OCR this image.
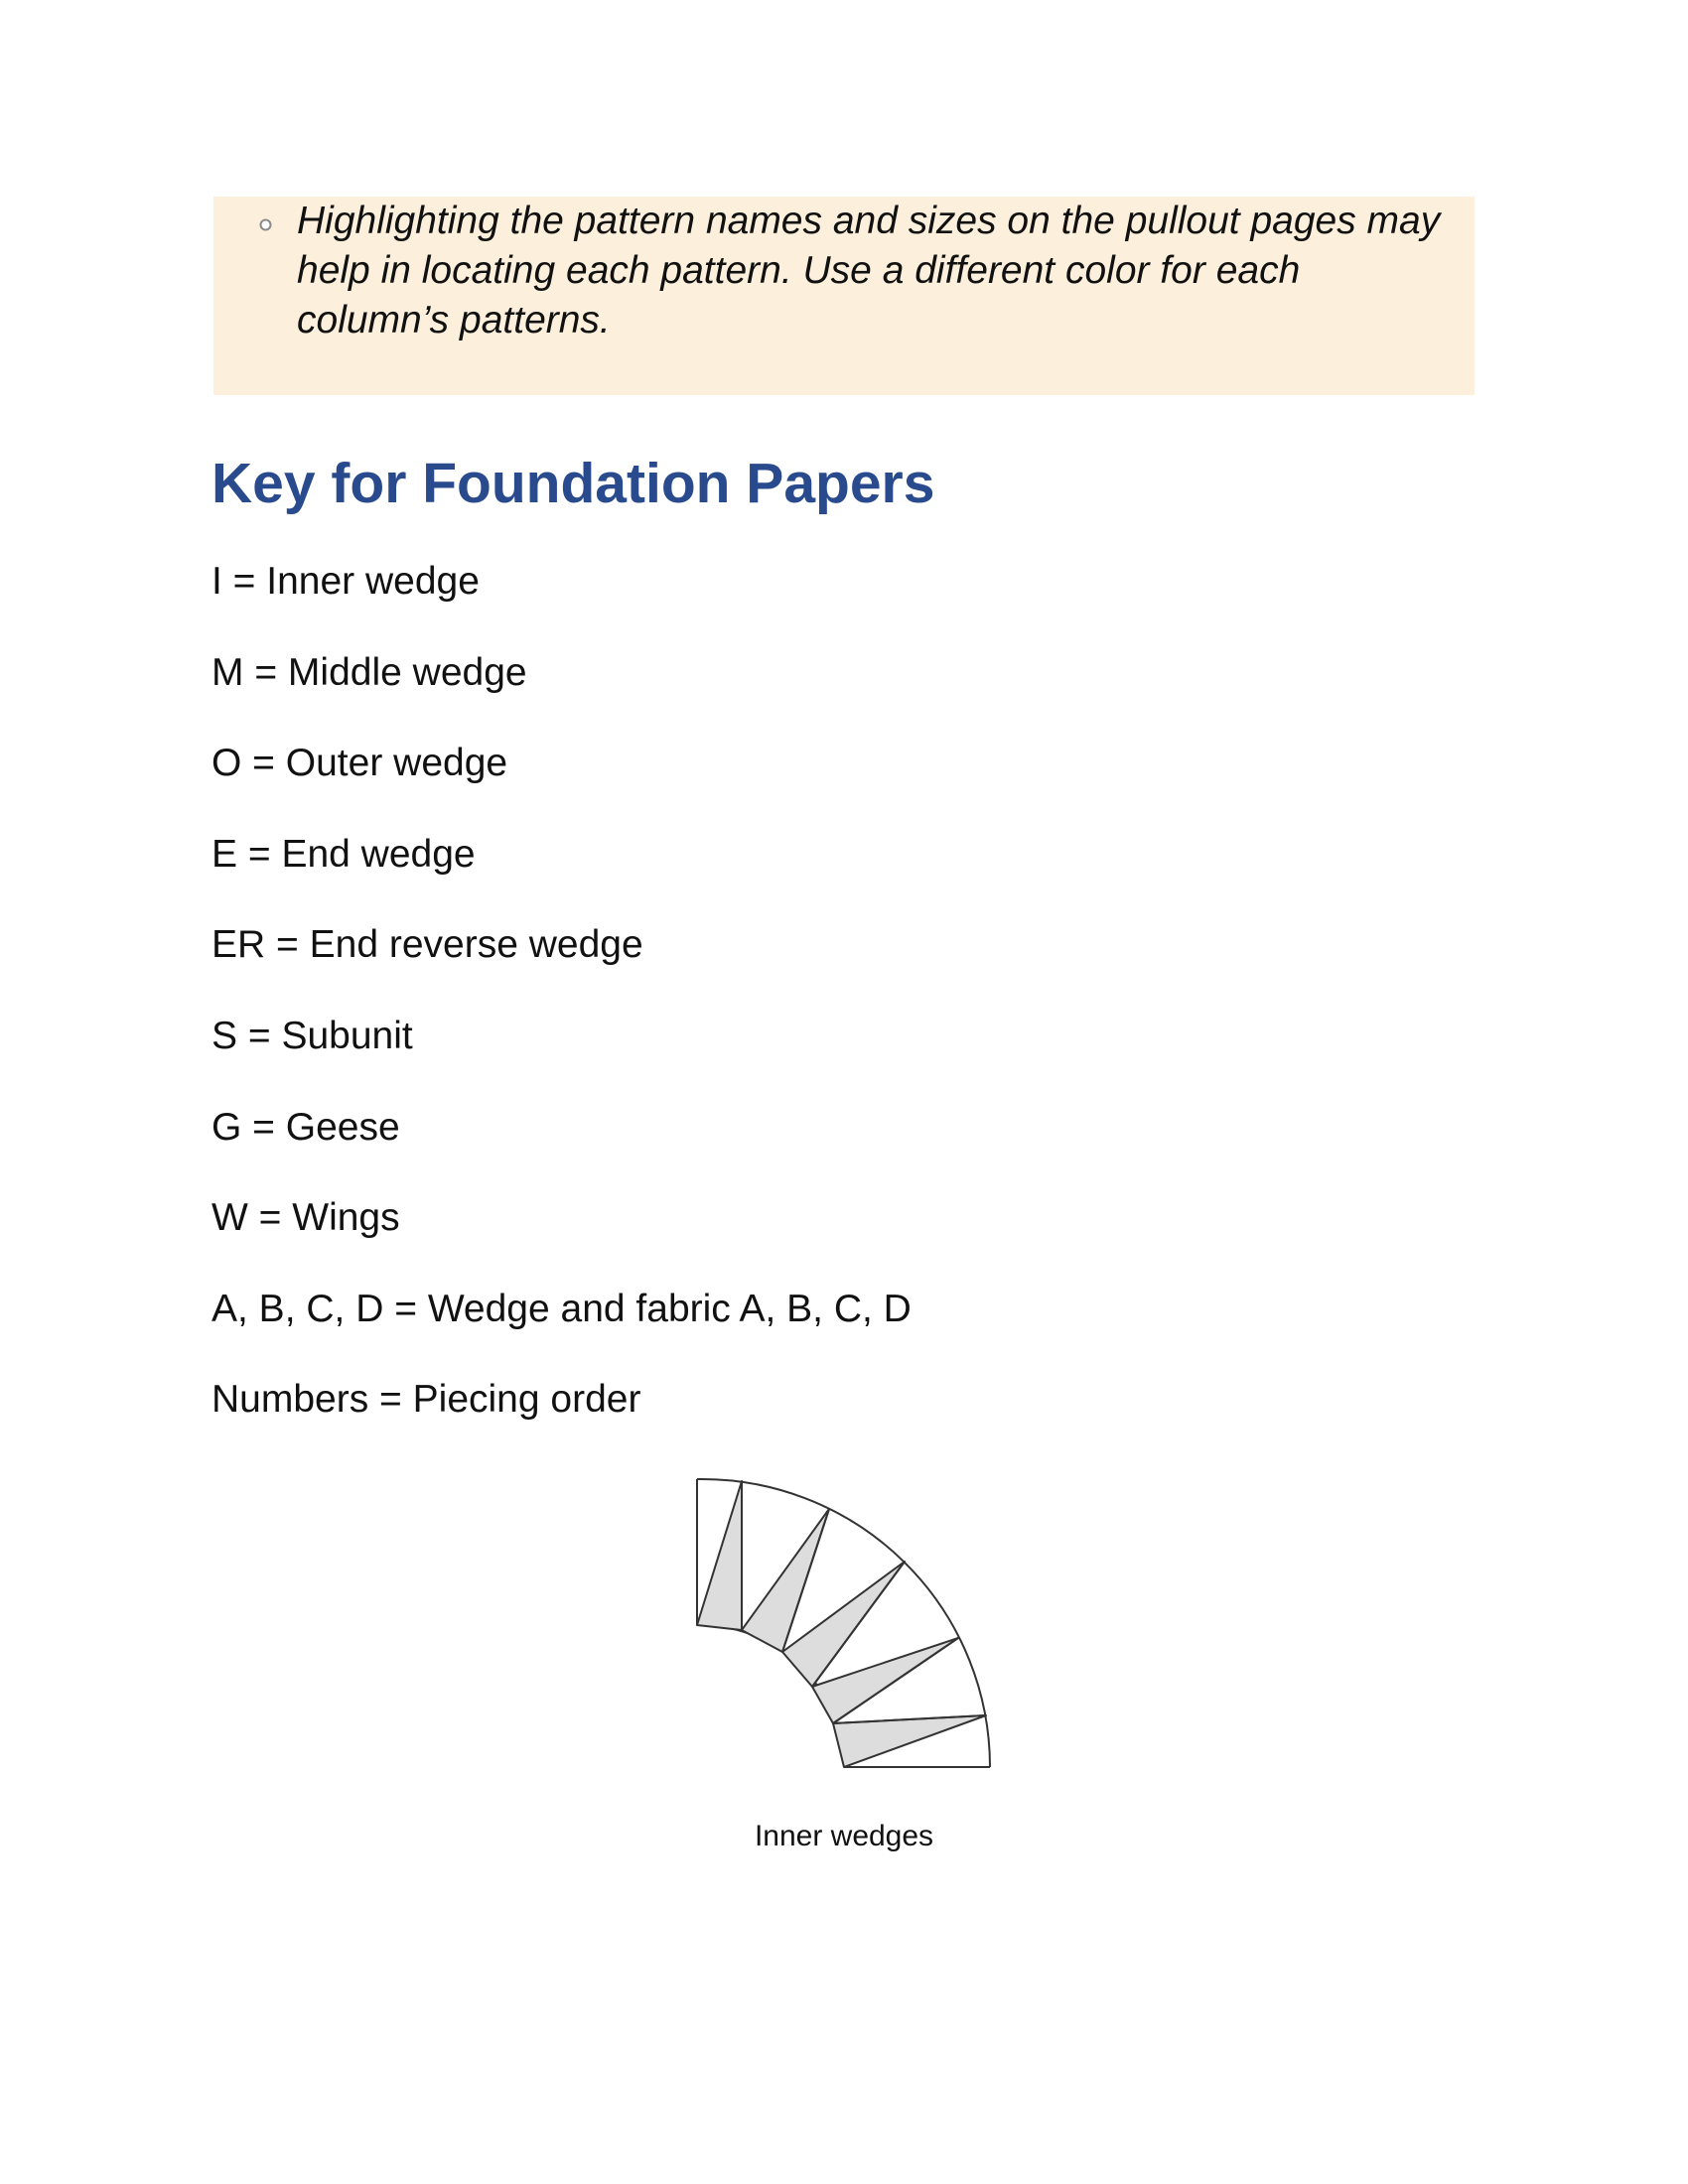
Highlighting the pattern names and sizes on the pullout pages may help in locating each pattern. Use a different color for each column’s patterns.

Key for Foundation Papers
I = Inner wedge
M = Middle wedge
O = Outer wedge
E = End wedge
ER = End reverse wedge
S = Subunit
G = Geese
W = Wings
A, B, C, D = Wedge and fabric A, B, C, D
Numbers = Piecing order
Inner wedges
